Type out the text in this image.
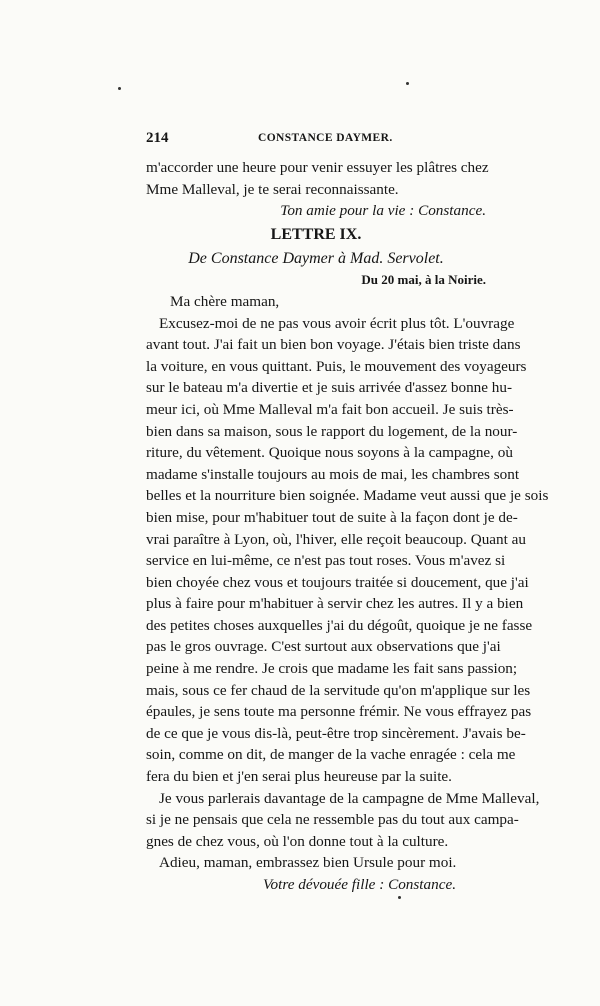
214	CONSTANCE DAYMER.
m'accorder une heure pour venir essuyer les plâtres chez
Mme Malleval, je te serai reconnaissante.
Ton amie pour la vie : Constance.
LETTRE IX.
De Constance Daymer à Mad. Servolet.
Du 20 mai, à la Noirie.
Ma chère maman,
Excusez-moi de ne pas vous avoir écrit plus tôt. L'ouvrage
avant tout. J'ai fait un bien bon voyage. J'étais bien triste dans
la voiture, en vous quittant. Puis, le mouvement des voyageurs
sur le bateau m'a divertie et je suis arrivée d'assez bonne hu-
meur ici, où Mme Malleval m'a fait bon accueil. Je suis très-
bien dans sa maison, sous le rapport du logement, de la nour-
riture, du vêtement. Quoique nous soyons à la campagne, où
madame s'installe toujours au mois de mai, les chambres sont
belles et la nourriture bien soignée. Madame veut aussi que je sois
bien mise, pour m'habituer tout de suite à la façon dont je de-
vrai paraître à Lyon, où, l'hiver, elle reçoit beaucoup. Quant au
service en lui-même, ce n'est pas tout roses. Vous m'avez si
bien choyée chez vous et toujours traitée si doucement, que j'ai
plus à faire pour m'habituer à servir chez les autres. Il y a bien
des petites choses auxquelles j'ai du dégoût, quoique je ne fasse
pas le gros ouvrage. C'est surtout aux observations que j'ai
peine à me rendre. Je crois que madame les fait sans passion;
mais, sous ce fer chaud de la servitude qu'on m'applique sur les
épaules, je sens toute ma personne frémir. Ne vous effrayez pas
de ce que je vous dis-là, peut-être trop sincèrement. J'avais be-
soin, comme on dit, de manger de la vache enragée : cela me
fera du bien et j'en serai plus heureuse par la suite.
Je vous parlerais davantage de la campagne de Mme Malleval,
si je ne pensais que cela ne ressemble pas du tout aux campa-
gnes de chez vous, où l'on donne tout à la culture.
Adieu, maman, embrassez bien Ursule pour moi.
Votre dévouée fille : Constance.
